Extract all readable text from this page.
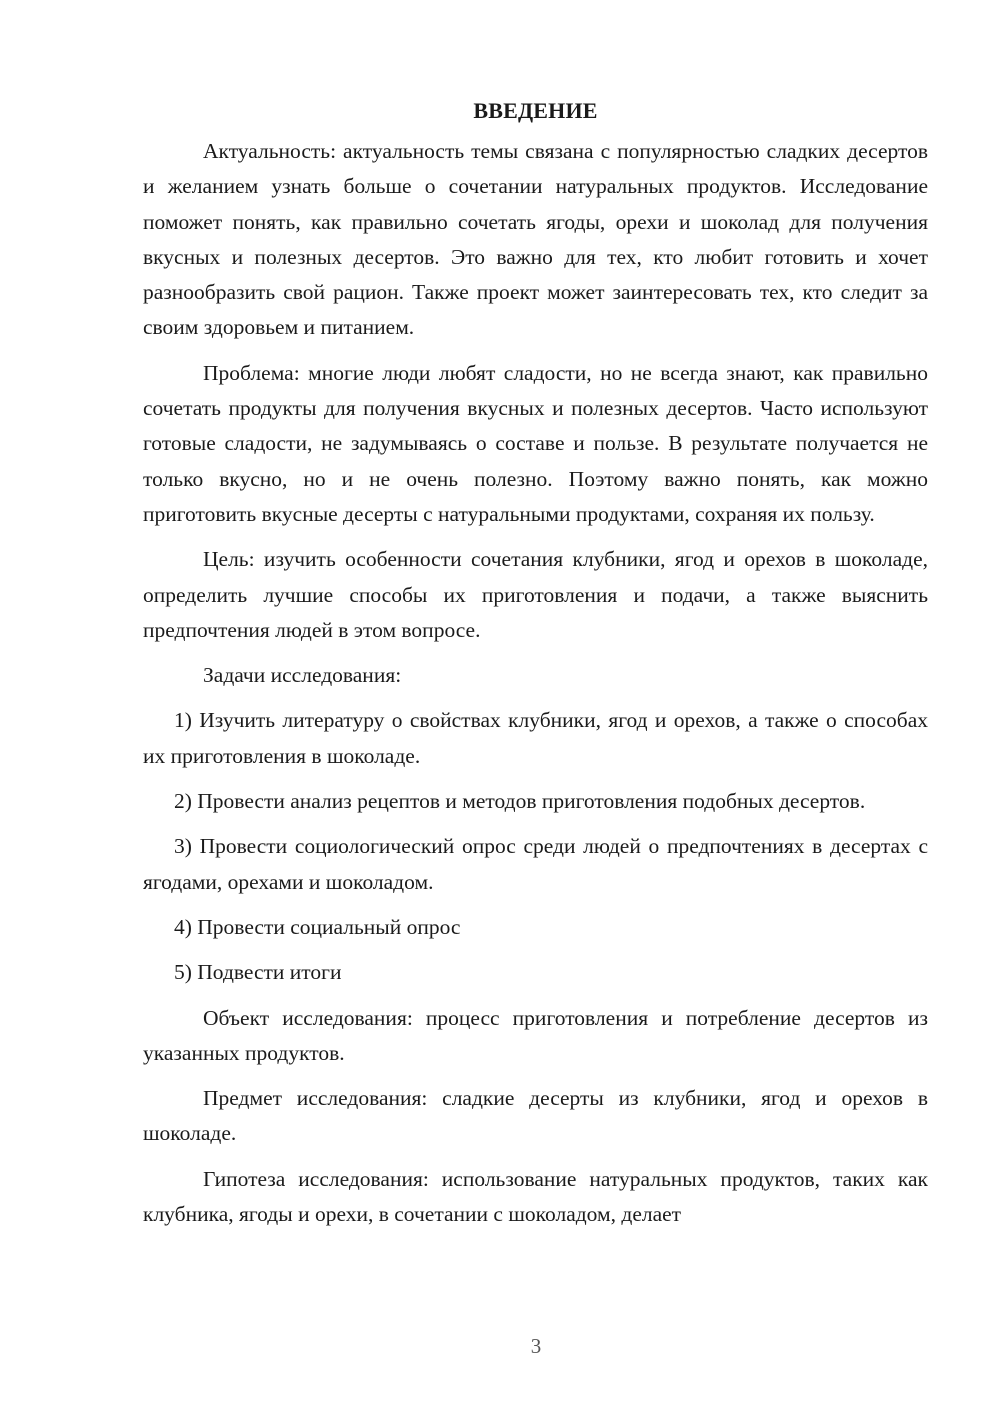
ВВЕДЕНИЕ

Актуальность: актуальность темы связана с популярностью сладких десертов и желанием узнать больше о сочетании натуральных продуктов. Исследование поможет понять, как правильно сочетать ягоды, орехи и шоколад для получения вкусных и полезных десертов. Это важно для тех, кто любит готовить и хочет разнообразить свой рацион. Также проект может заинтересовать тех, кто следит за своим здоровьем и питанием.

Проблема: многие люди любят сладости, но не всегда знают, как правильно сочетать продукты для получения вкусных и полезных десертов. Часто используют готовые сладости, не задумываясь о составе и пользе. В результате получается не только вкусно, но и не очень полезно. Поэтому важно понять, как можно приготовить вкусные десерты с натуральными продуктами, сохраняя их пользу.

Цель: изучить особенности сочетания клубники, ягод и орехов в шоколаде, определить лучшие способы их приготовления и подачи, а также выяснить предпочтения людей в этом вопросе.

Задачи исследования:

1) Изучить литературу о свойствах клубники, ягод и орехов, а также о способах их приготовления в шоколаде.

2) Провести анализ рецептов и методов приготовления подобных десертов.

3) Провести социологический опрос среди людей о предпочтениях в десертах с ягодами, орехами и шоколадом.

4) Провести социальный опрос

5) Подвести итоги

Объект исследования: процесс приготовления и потребление десертов из указанных продуктов.

Предмет исследования: сладкие десерты из клубники, ягод и орехов в шоколаде.

Гипотеза исследования: использование натуральных продуктов, таких как клубника, ягоды и орехи, в сочетании с шоколадом, делает

3
